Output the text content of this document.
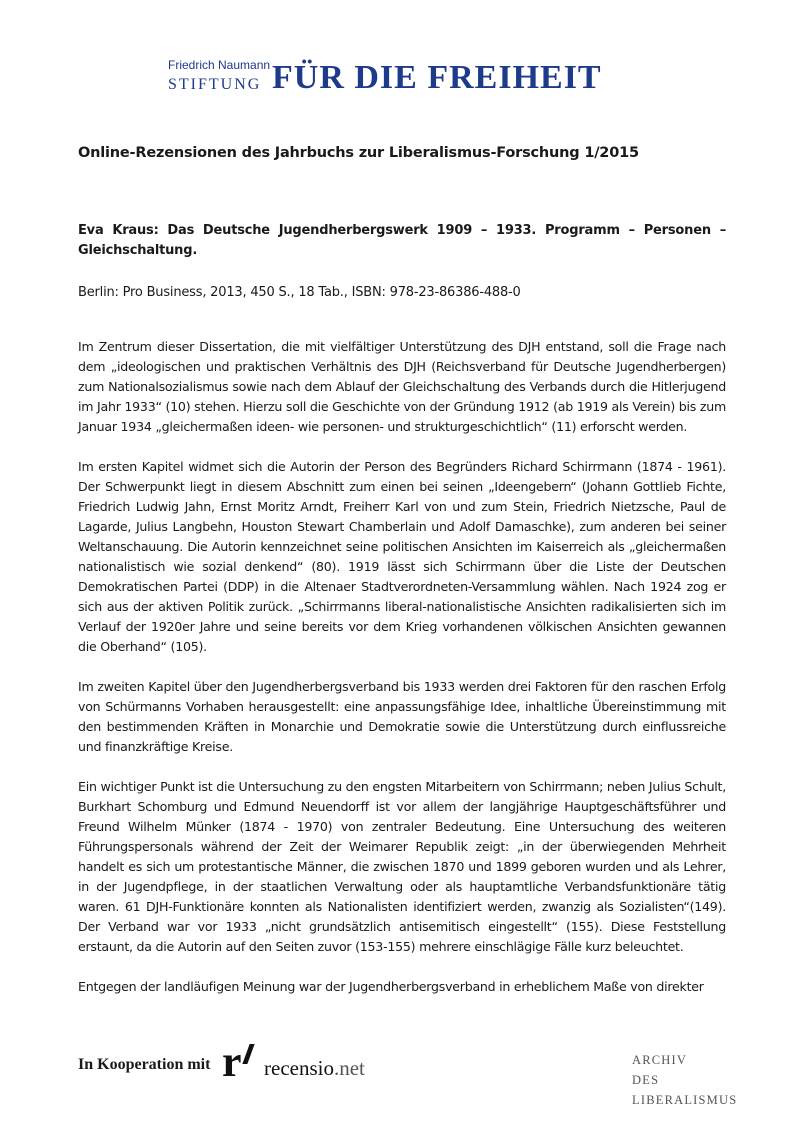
Friedrich Naumann
STIFTUNG FÜR DIE FREIHEIT
Online-Rezensionen des Jahrbuchs zur Liberalismus-Forschung 1/2015
Eva Kraus: Das Deutsche Jugendherbergswerk 1909 – 1933. Programm – Personen – Gleichschaltung.
Berlin: Pro Business, 2013, 450 S., 18 Tab., ISBN: 978-23-86386-488-0

Im Zentrum dieser Dissertation, die mit vielfältiger Unterstützung des DJH entstand, soll die Frage nach dem „ideologischen und praktischen Verhältnis des DJH (Reichsverband für Deutsche Jugendherbergen) zum Nationalsozialismus sowie nach dem Ablauf der Gleichschaltung des Verbands durch die Hitlerjugend im Jahr 1933“ (10) stehen. Hierzu soll die Geschichte von der Gründung 1912 (ab 1919 als Verein) bis zum Januar 1934 „gleichermaßen ideen- wie personen- und strukturgeschichtlich“ (11) erforscht werden.

Im ersten Kapitel widmet sich die Autorin der Person des Begründers Richard Schirrmann (1874 - 1961). Der Schwerpunkt liegt in diesem Abschnitt zum einen bei seinen „Ideengebern“ (Johann Gottlieb Fichte, Friedrich Ludwig Jahn, Ernst Moritz Arndt, Freiherr Karl von und zum Stein, Friedrich Nietzsche, Paul de Lagarde, Julius Langbehn, Houston Stewart Chamberlain und Adolf Damaschke), zum anderen bei seiner Weltanschauung. Die Autorin kennzeichnet seine politischen Ansichten im Kaiserreich als „gleichermaßen nationalistisch wie sozial denkend“ (80). 1919 lässt sich Schirrmann über die Liste der Deutschen Demokratischen Partei (DDP) in die Altenaer Stadtverordneten-Versammlung wählen. Nach 1924 zog er sich aus der aktiven Politik zurück. „Schirrmanns liberal-nationalistische Ansichten radikalisierten sich im Verlauf der 1920er Jahre und seine bereits vor dem Krieg vorhandenen völkischen Ansichten gewannen die Oberhand“ (105).

Im zweiten Kapitel über den Jugendherbergsverband bis 1933 werden drei Faktoren für den raschen Erfolg von Schürmanns Vorhaben herausgestellt: eine anpassungsfähige Idee, inhaltliche Übereinstimmung mit den bestimmenden Kräften in Monarchie und Demokratie sowie die Unterstützung durch einflussreiche und finanzkräftige Kreise.

Ein wichtiger Punkt ist die Untersuchung zu den engsten Mitarbeitern von Schirrmann; neben Julius Schult, Burkhart Schomburg und Edmund Neuendorff ist vor allem der langjährige Hauptgeschäftsführer und Freund Wilhelm Münker (1874 - 1970) von zentraler Bedeutung. Eine Untersuchung des weiteren Führungspersonals während der Zeit der Weimarer Republik zeigt: „in der überwiegenden Mehrheit handelt es sich um protestantische Männer, die zwischen 1870 und 1899 geboren wurden und als Lehrer, in der Jugendpflege, in der staatlichen Verwaltung oder als hauptamtliche Verbandsfunktionäre tätig waren. 61 DJH-Funktionäre konnten als Nationalisten identifiziert werden, zwanzig als Sozialisten“(149). Der Verband war vor 1933 „nicht grundsätzlich antisemitisch eingestellt“ (155). Diese Feststellung erstaunt, da die Autorin auf den Seiten zuvor (153-155) mehrere einschlägige Fälle kurz beleuchtet.

Entgegen der landläufigen Meinung war der Jugendherbergsverband in erheblichem Maße von direkter

In Kooperation mit r recensio.net	ARCHIV
DES
LIBERALISMUS
